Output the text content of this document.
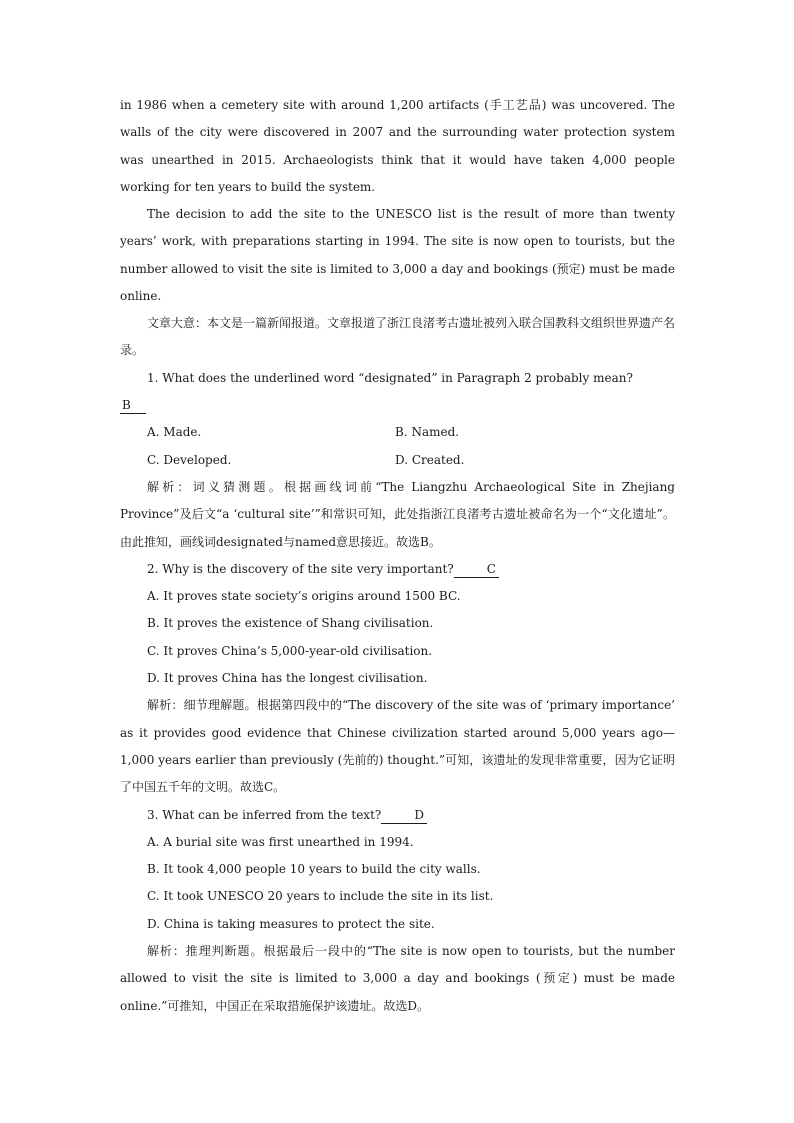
in 1986 when a cemetery site with around 1,200 artifacts (手工艺品) was uncovered. The walls of the city were discovered in 2007 and the surrounding water protection system was unearthed in 2015. Archaeologists think that it would have taken 4,000 people working for ten years to build the system.

The decision to add the site to the UNESCO list is the result of more than twenty years’ work, with preparations starting in 1994. The site is now open to tourists, but the number allowed to visit the site is limited to 3,000 a day and bookings (预定) must be made online.

文章大意：本文是一篇新闻报道。文章报道了浙江良渚考古遗址被列入联合国教科文组织世界遗产名录。

1. What does the underlined word “designated” in Paragraph 2 probably mean?

B

A. Made.	B. Named.
C. Developed.	D. Created.

解析：词义猜测题。根据画线词前“The Liangzhu Archaeological Site in Zhejiang Province”及后文“a ‘cultural site’”和常识可知，此处指浙江良渚考古遗址被命名为一个“文化遗址”。由此推知，画线词designated与named意思接近。故选B。

2. Why is the discovery of the site very important?	C

A. It proves state society’s origins around 1500 BC.

B. It proves the existence of Shang civilisation.

C. It proves China’s 5,000-year-old civilisation.

D. It proves China has the longest civilisation.

解析：细节理解题。根据第四段中的“The discovery of the site was of ‘primary importance’ as it provides good evidence that Chinese civilization started around 5,000 years ago—1,000 years earlier than previously (先前的) thought.”可知，该遗址的发现非常重要，因为它证明了中国五千年的文明。故选C。

3. What can be inferred from the text?	D

A. A burial site was first unearthed in 1994.

B. It took 4,000 people 10 years to build the city walls.

C. It took UNESCO 20 years to include the site in its list.

D. China is taking measures to protect the site.

解析：推理判断题。根据最后一段中的“The site is now open to tourists, but the number allowed to visit the site is limited to 3,000 a day and bookings (预定) must be made online.”可推知，中国正在采取措施保护该遗址。故选D。
